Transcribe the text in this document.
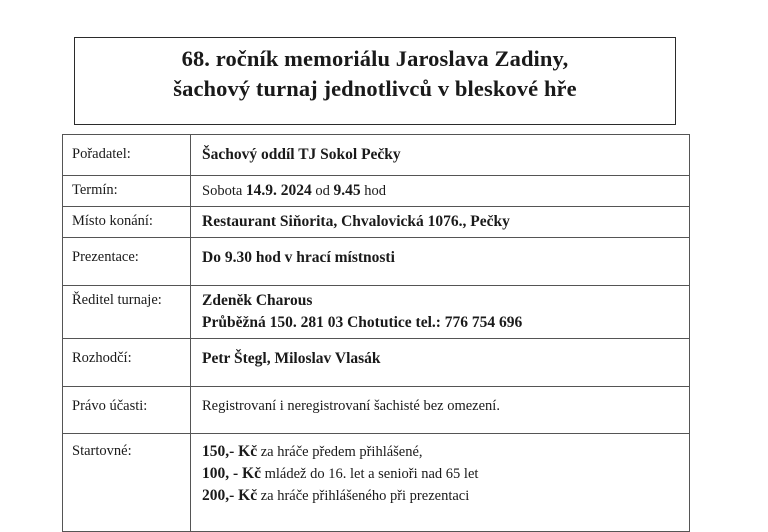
68. ročník memoriálu Jaroslava Zadiny,
šachový turnaj jednotlivců v bleskové hře
Pořadatel:	Šachový oddíl TJ Sokol Pečky

Termín:	Sobota 14.9. 2024 od 9.45 hod

Místo konání:	Restaurant Siňorita, Chvalovická 1076., Pečky

Prezentace:	Do 9.30 hod v hrací místnosti

Ředitel turnaje:	Zdeněk Charous
Průběžná 150. 281 03 Chotutice tel.: 776 754 696

Rozhodčí:	Petr Štegl, Miloslav Vlasák

Právo účasti:	Registrovaní i neregistrovaní šachisté bez omezení.

Startovné:	150,- Kč za hráče předem přihlášené,
100, - Kč mládež do 16. let a senioři nad 65 let
200,- Kč za hráče přihlášeného při prezentaci
